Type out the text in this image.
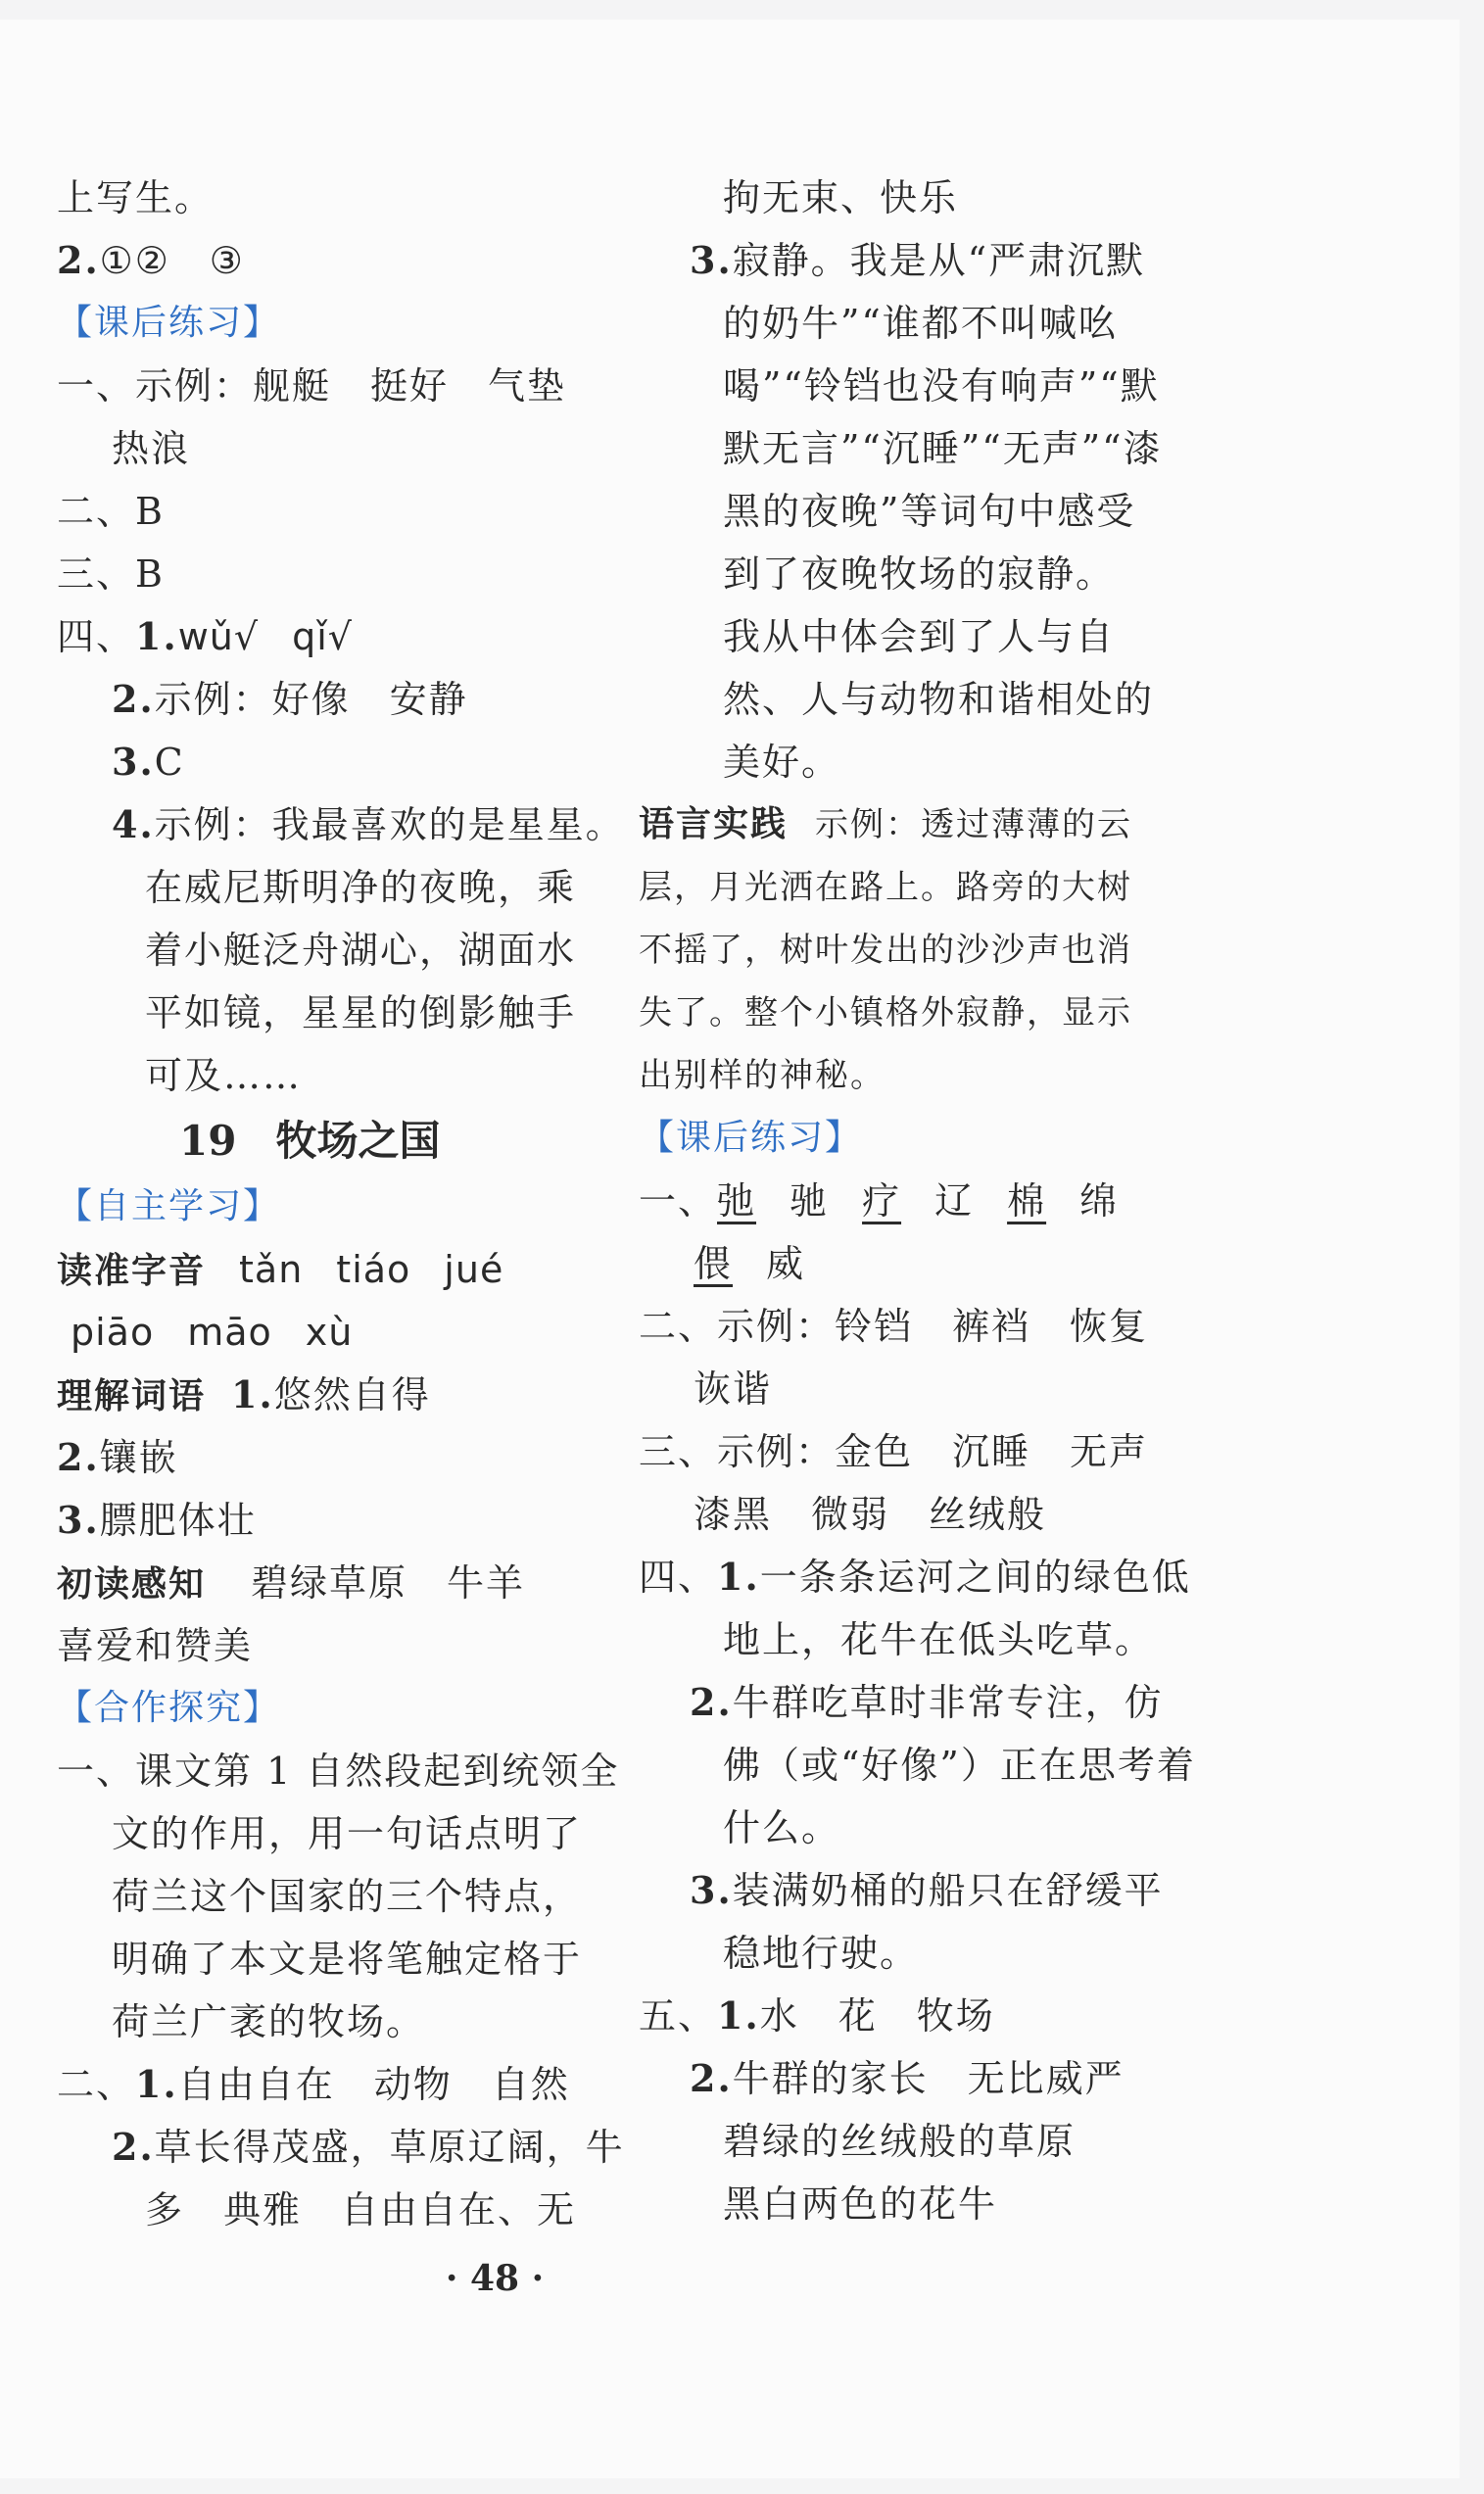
上写生。
2.①②　③
【课后练习】
一、示例：舰艇　挺好　气垫
热浪
二、B
三、B
四、1.wǔ√ qǐ√
2.示例：好像　安静
3.C
4.示例：我最喜欢的是星星。
在威尼斯明净的夜晚，乘
着小艇泛舟湖心，湖面水
平如镜，星星的倒影触手
可及……
19 牧场之国
【自主学习】
读准字音 tǎn tiáo jué
piāo māo xù
理解词语 1.悠然自得
2.镶嵌
3.膘肥体壮
初读感知 碧绿草原　牛羊
喜爱和赞美
【合作探究】
一、课文第 1 自然段起到统领全
文的作用，用一句话点明了
荷兰这个国家的三个特点，
明确了本文是将笔触定格于
荷兰广袤的牧场。
二、1.自由自在　动物　自然
2.草长得茂盛，草原辽阔，牛
多　典雅　自由自在、无
拘无束、快乐
3.寂静。我是从“严肃沉默
的奶牛”“谁都不叫喊吆
喝”“铃铛也没有响声”“默
默无言”“沉睡”“无声”“漆
黑的夜晚”等词句中感受
到了夜晚牧场的寂静。
我从中体会到了人与自
然、人与动物和谐相处的
美好。
语言实践 示例：透过薄薄的云
层，月光洒在路上。路旁的大树
不摇了，树叶发出的沙沙声也消
失了。整个小镇格外寂静，显示
出别样的神秘。
【课后练习】
一、弛 驰 疗 辽 棉 绵
偎 威
二、示例：铃铛　裤裆　恢复
诙谐
三、示例：金色　沉睡　无声
漆黑　微弱　丝绒般
四、1.一条条运河之间的绿色低
地上，花牛在低头吃草。
2.牛群吃草时非常专注，仿
佛（或“好像”）正在思考着
什么。
3.装满奶桶的船只在舒缓平
稳地行驶。
五、1.水　花　牧场
2.牛群的家长　无比威严
碧绿的丝绒般的草原
黑白两色的花牛
· 48 ·
